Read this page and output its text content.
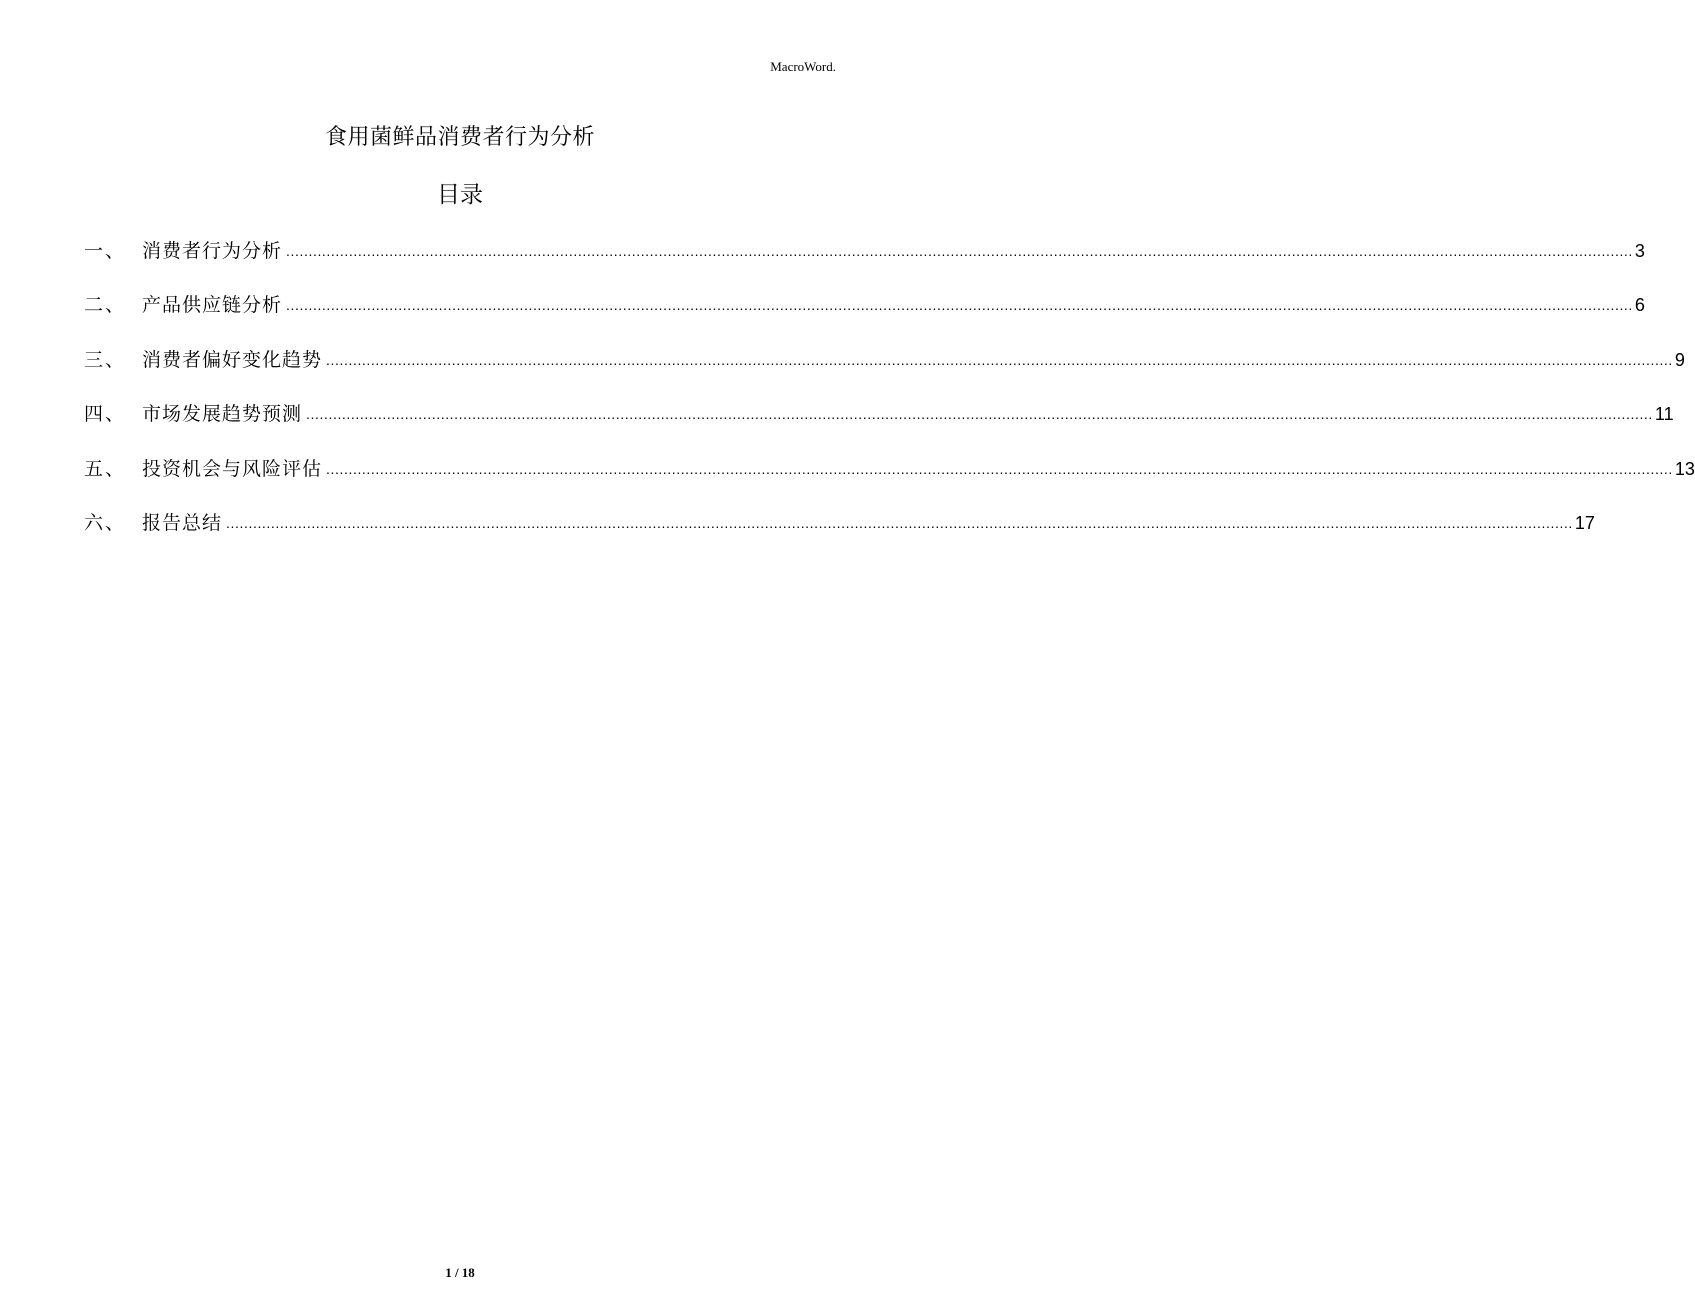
MacroWord.
食用菌鲜品消费者行为分析
目录
一、 消费者行为分析 ............................................................................................................................................................................................................................................................................................................ 3
二、 产品供应链分析 ............................................................................................................................................................................................................................................................................................................ 6
三、 消费者偏好变化趋势 ............................................................................................................................................................................................................................................................................................................ 9
四、 市场发展趋势预测 ............................................................................................................................................................................................................................................................................................................ 11
五、 投资机会与风险评估 ............................................................................................................................................................................................................................................................................................................ 13
六、 报告总结 ............................................................................................................................................................................................................................................................................................................ 17
1 / 18
